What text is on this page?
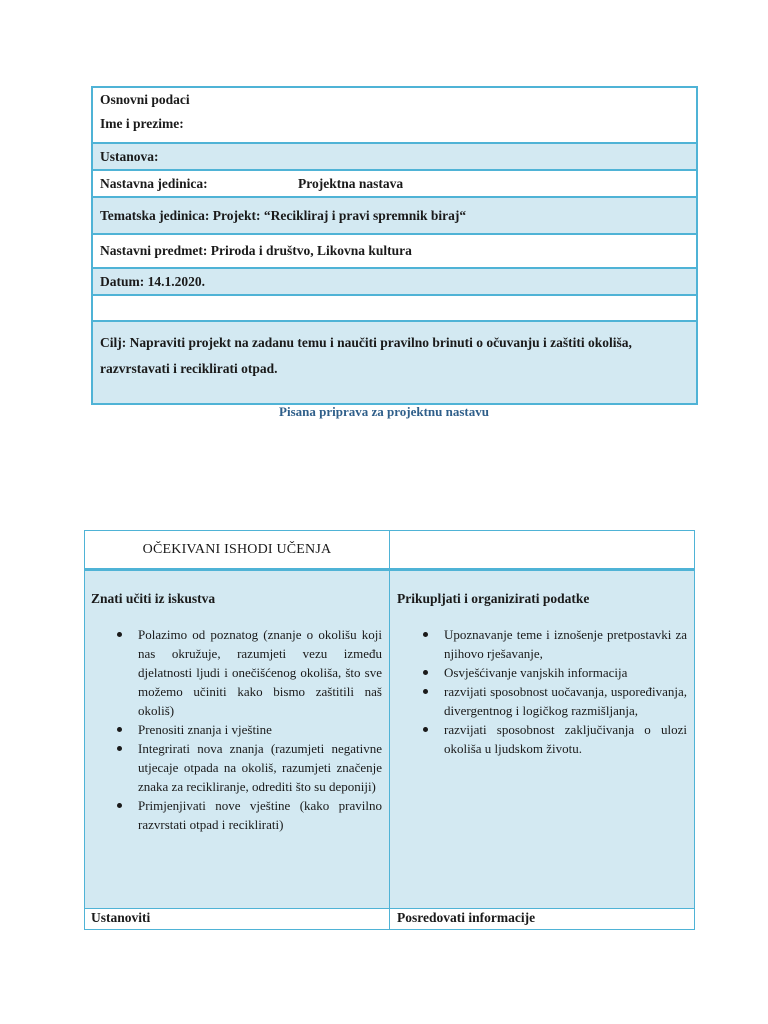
Osnovni podaci
Ime i prezime:
Ustanova:
Nastavna jedinica:	Projektna nastava
Tematska jedinica: Projekt: “Recikliraj i pravi spremnik biraj“
Nastavni predmet: Priroda i društvo, Likovna kultura
Datum: 14.1.2020.
Cilj: Napraviti projekt na zadanu temu i naučiti pravilno brinuti o očuvanju i zaštiti okoliša, razvrstavati i reciklirati otpad.
Pisana priprava za projektnu nastavu
OČEKIVANI ISHODI UČENJA
Znati učiti iz iskustva
Polazimo od poznatog (znanje o okolišu koji nas okružuje, razumjeti vezu između djelatnosti ljudi i onečišćenog okoliša, što sve možemo učiniti kako bismo zaštitili naš okoliš)
Prenositi znanja i vještine
Integrirati nova znanja (razumjeti negativne utjecaje otpada na okoliš, razumjeti značenje znaka za recikliranje, odrediti što su deponiji)
Primjenjivati nove vještine (kako pravilno razvrstati otpad i reciklirati)
Prikupljati i organizirati podatke
Upoznavanje teme i iznošenje pretpostavki za njihovo rješavanje,
Osvješćivanje vanjskih informacija
razvijati sposobnost uočavanja, uspoređivanja, divergentnog i logičkog razmišljanja,
razvijati sposobnost zaključivanja o ulozi okoliša u ljudskom životu.
Ustanoviti	Posredovati informacije
